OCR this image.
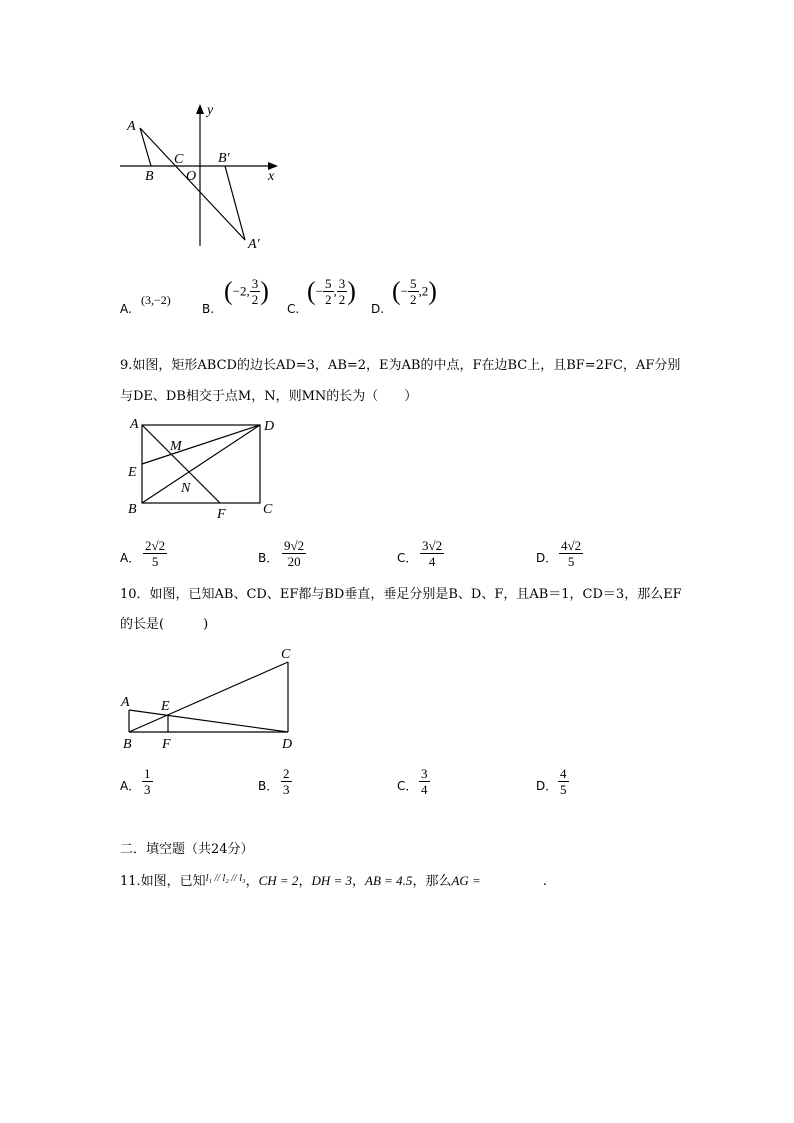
A
B
C
O
B′
x
y
A′
A.
(3,−2)
B.
(−2, $\frac{3}{2}$ )
C.
(− $\frac{5}{2}$ , $\frac{3}{2}$ )
D.
(− $\frac{5}{2} ,2$)
9.如图，矩形ABCD的边长AD=3，AB=2，E为AB的中点，F在边BC上，且BF=2FC，AF分别
与DE、DB相交于点M，N，则MN的长为（　　）
A	D
M
E
N
B	F	C
A． $\frac{2√2}{5}$	B． $\frac{9√2}{20}$	C． $\frac{3√2}{4}$	D． $\frac{4√2}{5}$
10．如图，已知AB、CD、EF都与BD垂直，垂足分别是B、D、F，且AB＝1，CD＝3，那么EF
的长是(　　　)
C
A E
B F	D
A． $\frac{1}{3}$	B． $\frac{2}{3}$	C． $\frac{3}{4}$	D． $\frac{4}{5}$
二．填空题（共24分）
11.如图，已知$^{l_1 // l_2 // l_3}$，CH = 2，DH = 3，AB = 4.5，那么AG =	.
